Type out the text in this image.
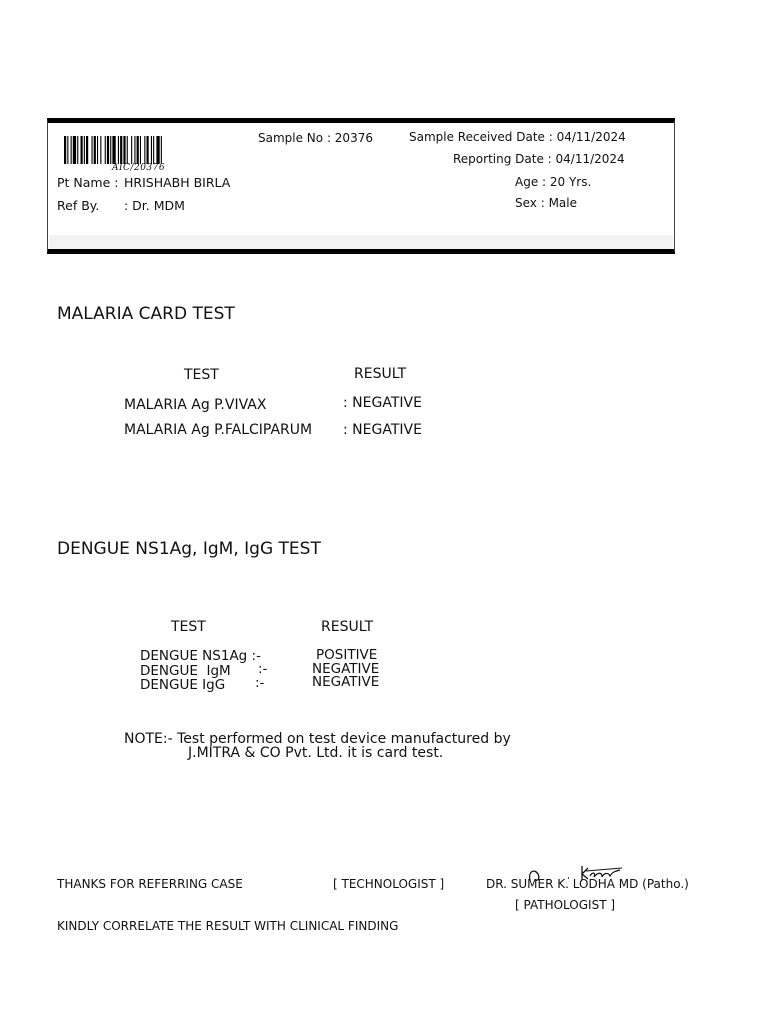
AIC/20376
Sample No : 20376	Sample Received Date : 04/11/2024
Reporting Date : 04/11/2024
Pt Name : HRISHABH BIRLA
Ref By. : Dr. MDM
Age : 20 Yrs.
Sex : Male
MALARIA CARD TEST
TEST	RESULT
MALARIA Ag P.VIVAX	: NEGATIVE
MALARIA Ag P.FALCIPARUM : NEGATIVE
DENGUE NS1Ag, IgM, IgG TEST
TEST	RESULT
DENGUE NS1Ag :-	POSITIVE
DENGUE  IgM :-	NEGATIVE
DENGUE IgG :-	NEGATIVE
NOTE:- Test performed on test device manufactured by
J.MITRA & CO Pvt. Ltd. it is card test.
THANKS FOR REFERRING CASE	[ TECHNOLOGIST ]	DR. SUMER K. LODHA MD (Patho.)
[ PATHOLOGIST ]
KINDLY CORRELATE THE RESULT WITH CLINICAL FINDING
